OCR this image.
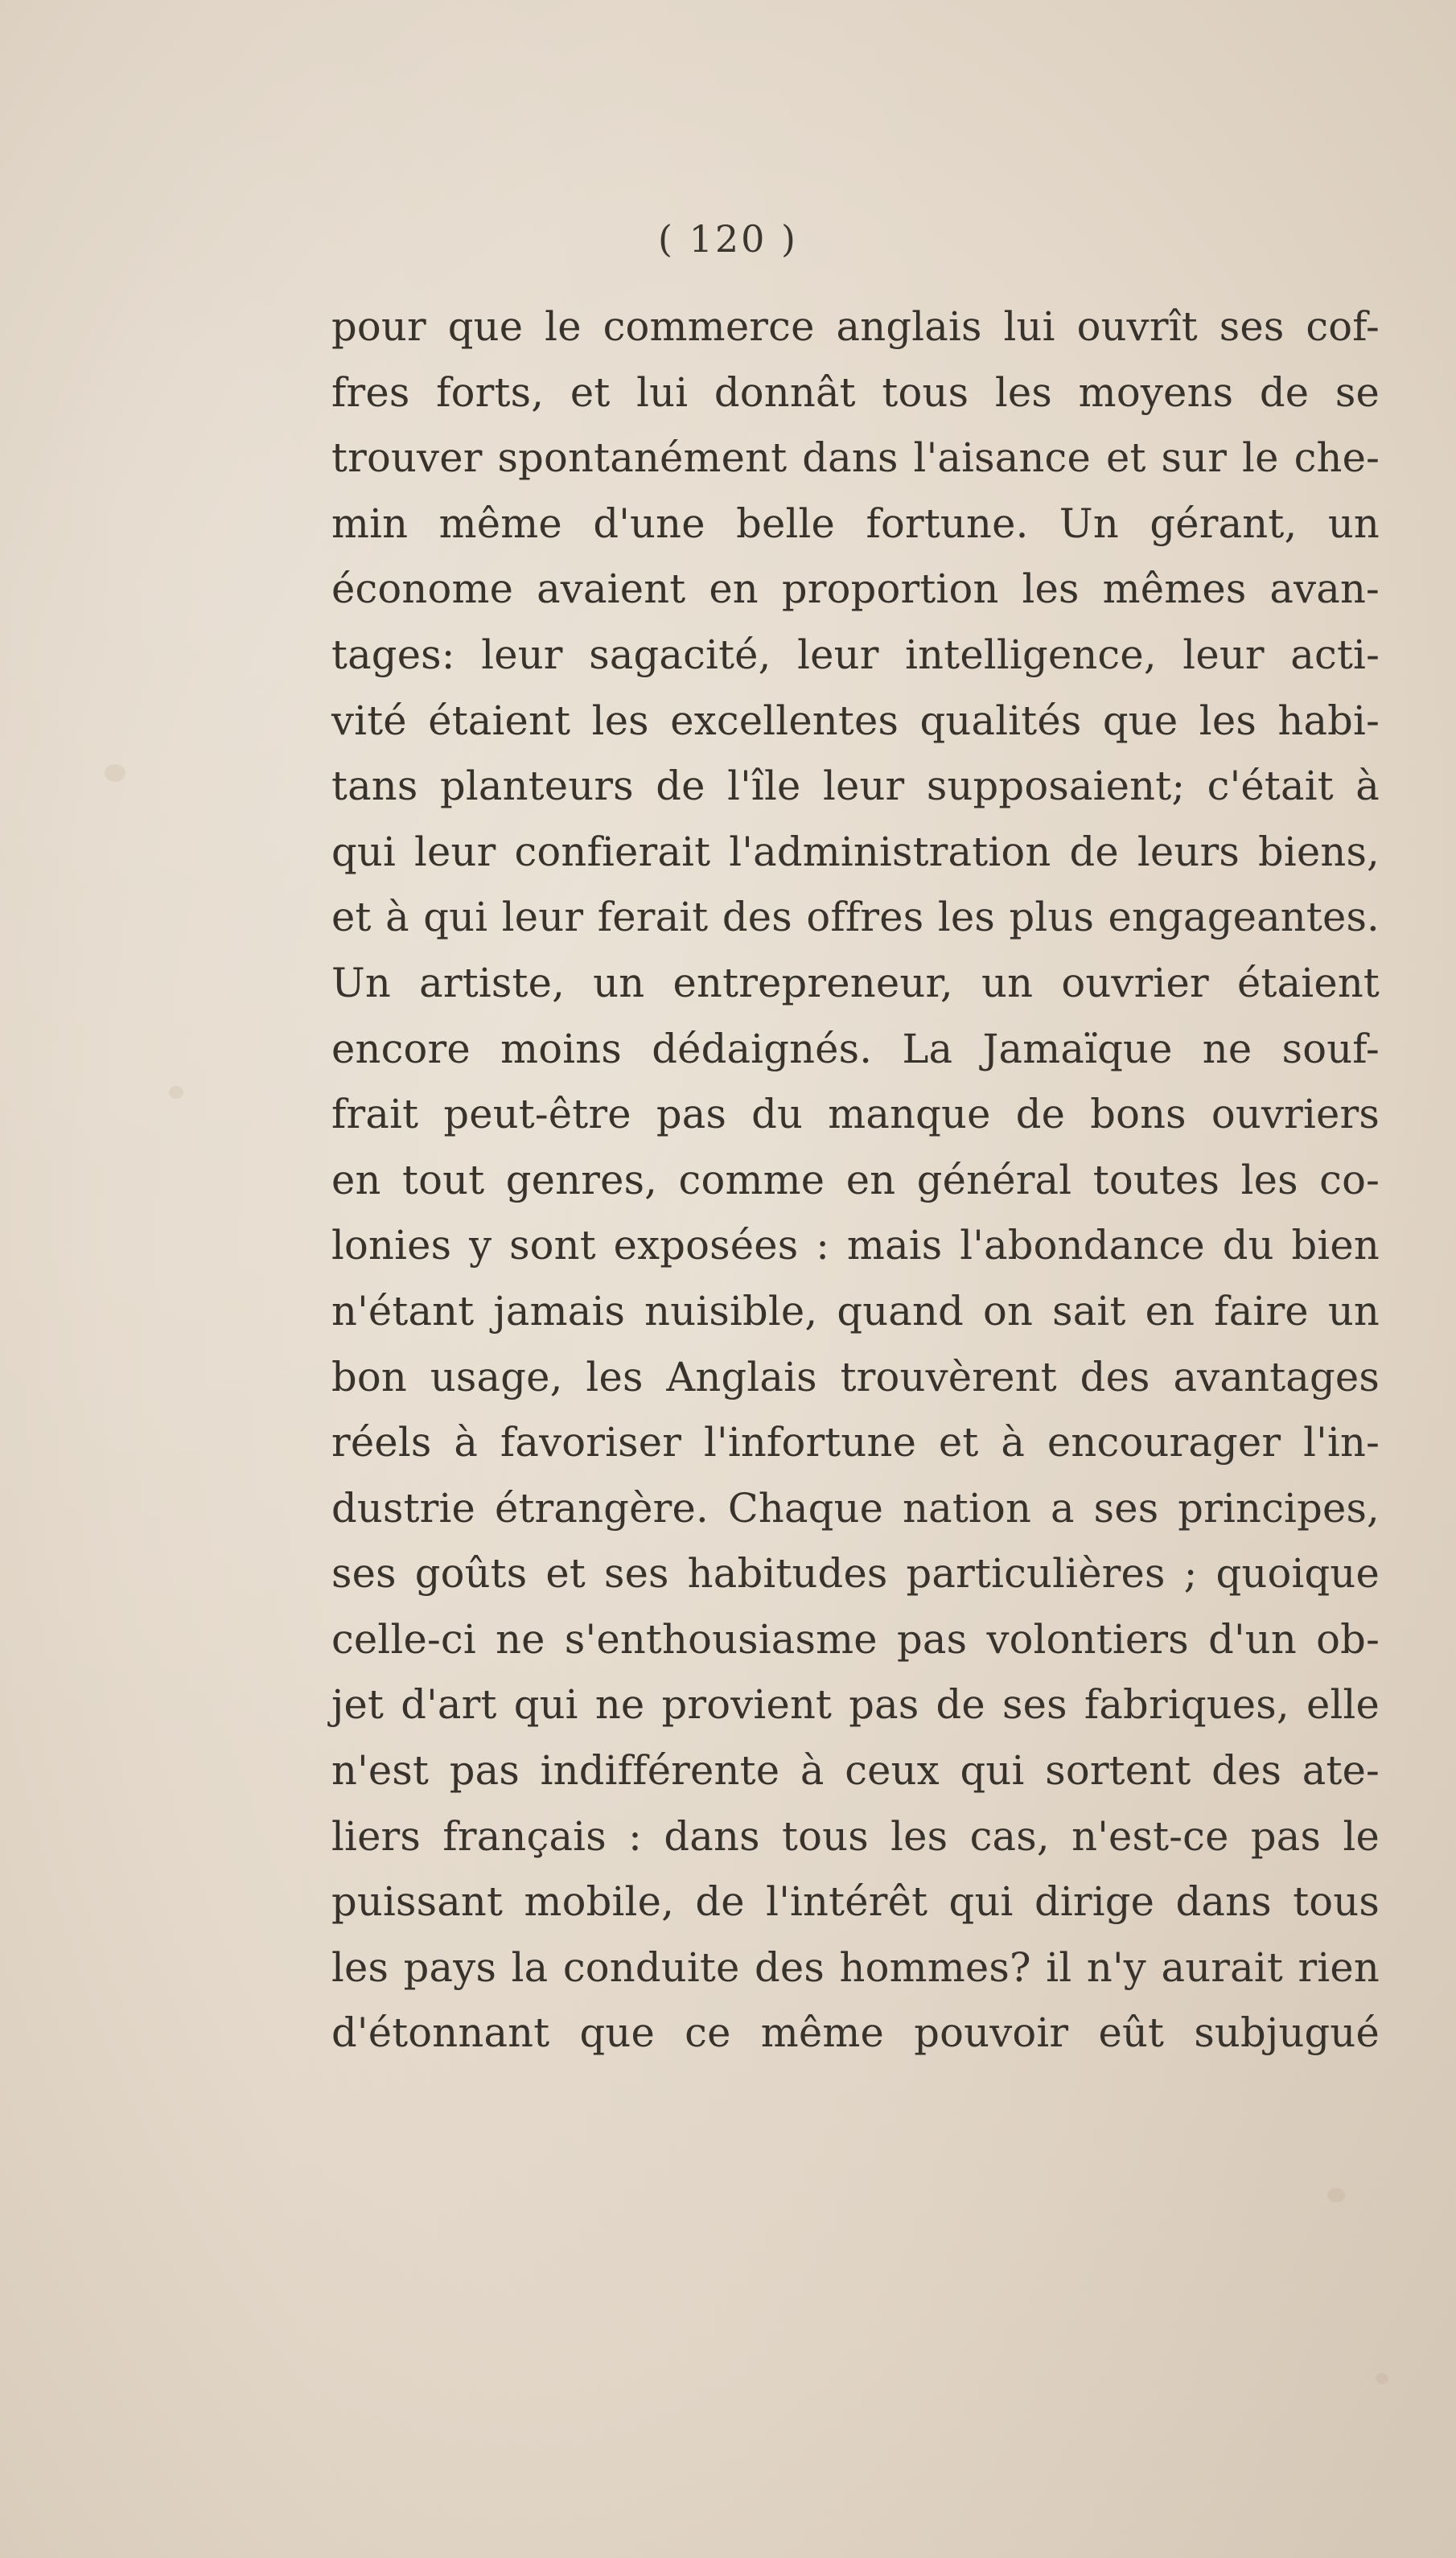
( 120 )
pour que le commerce anglais lui ouvrît ses cof-
fres forts, et lui donnât tous les moyens de se
trouver spontanément dans l'aisance et sur le che-
min même d'une belle fortune. Un gérant, un
économe avaient en proportion les mêmes avan-
tages: leur sagacité, leur intelligence, leur acti-
vité étaient les excellentes qualités que les habi-
tans planteurs de l'île leur supposaient; c'était à
qui leur confierait l'administration de leurs biens,
et à qui leur ferait des offres les plus engageantes.
Un artiste, un entrepreneur, un ouvrier étaient
encore moins dédaignés. La Jamaïque ne souf-
frait peut-être pas du manque de bons ouvriers
en tout genres, comme en général toutes les co-
lonies y sont exposées : mais l'abondance du bien
n'étant jamais nuisible, quand on sait en faire un
bon usage, les Anglais trouvèrent des avantages
réels à favoriser l'infortune et à encourager l'in-
dustrie étrangère. Chaque nation a ses principes,
ses goûts et ses habitudes particulières ; quoique
celle-ci ne s'enthousiasme pas volontiers d'un ob-
jet d'art qui ne provient pas de ses fabriques, elle
n'est pas indifférente à ceux qui sortent des ate-
liers français : dans tous les cas, n'est-ce pas le
puissant mobile, de l'intérêt qui dirige dans tous
les pays la conduite des hommes? il n'y aurait rien
d'étonnant que ce même pouvoir eût subjugué
